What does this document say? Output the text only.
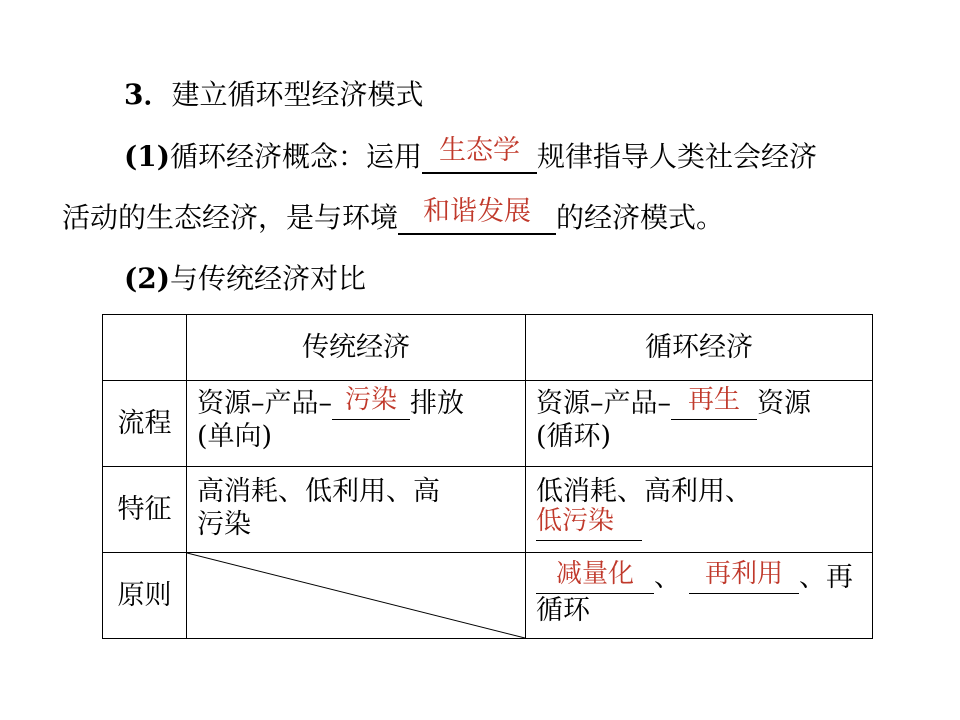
3．建立循环型经济模式
(1)循环经济概念：运用 生态学 规律指导人类社会经济
活动的生态经济，是与环境 和谐发展 的经济模式。
(2)与传统经济对比
传统经济	循环经济
流程
资源–产品– 污染 排放
(单向)
资源–产品– 再生 资源
(循环)
特征
高消耗、低利用、高
污染
低消耗、高利用、
低污染
原则
减量化 、 再利用 、再
循环
